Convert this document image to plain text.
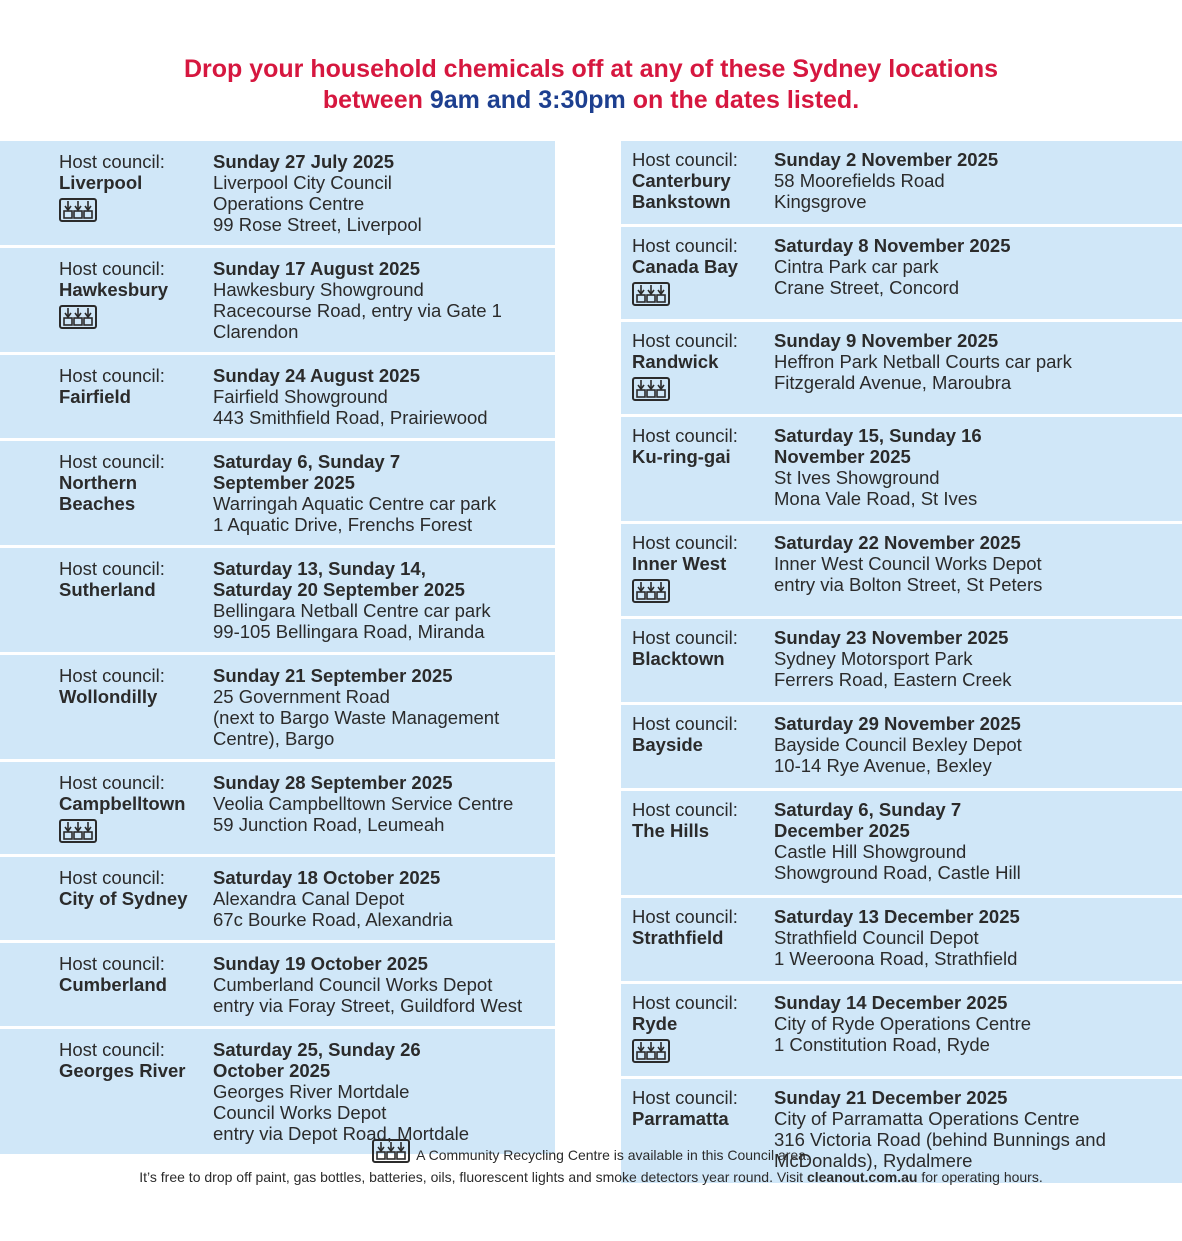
Drop your household chemicals off at any of these Sydney locations
between 9am and 3:30pm on the dates listed.
Host council:
Liverpool
Sunday 27 July 2025
Liverpool City Council
Operations Centre
99 Rose Street, Liverpool
Host council:
Hawkesbury
Sunday 17 August 2025
Hawkesbury Showground
Racecourse Road, entry via Gate 1
Clarendon
Host council:
Fairfield
Sunday 24 August 2025
Fairfield Showground
443 Smithfield Road, Prairiewood
Host council:
Northern
Beaches
Saturday 6, Sunday 7
September 2025
Warringah Aquatic Centre car park
1 Aquatic Drive, Frenchs Forest
Host council:
Sutherland
Saturday 13, Sunday 14,
Saturday 20 September 2025
Bellingara Netball Centre car park
99-105 Bellingara Road, Miranda
Host council:
Wollondilly
Sunday 21 September 2025
25 Government Road
(next to Bargo Waste Management
Centre), Bargo
Host council:
Campbelltown
Sunday 28 September 2025
Veolia Campbelltown Service Centre
59 Junction Road, Leumeah
Host council:
City of Sydney
Saturday 18 October 2025
Alexandra Canal Depot
67c Bourke Road, Alexandria
Host council:
Cumberland
Sunday 19 October 2025
Cumberland Council Works Depot
entry via Foray Street, Guildford West
Host council:
Georges River
Saturday 25, Sunday 26
October 2025
Georges River Mortdale
Council Works Depot
entry via Depot Road, Mortdale
Host council:
Canterbury
Bankstown
Sunday 2 November 2025
58 Moorefields Road
Kingsgrove
Host council:
Canada Bay
Saturday 8 November 2025
Cintra Park car park
Crane Street, Concord
Host council:
Randwick
Sunday 9 November 2025
Heffron Park Netball Courts car park
Fitzgerald Avenue, Maroubra
Host council:
Ku-ring-gai
Saturday 15, Sunday 16
November 2025
St Ives Showground
Mona Vale Road, St Ives
Host council:
Inner West
Saturday 22 November 2025
Inner West Council Works Depot
entry via Bolton Street, St Peters
Host council:
Blacktown
Sunday 23 November 2025
Sydney Motorsport Park
Ferrers Road, Eastern Creek
Host council:
Bayside
Saturday 29 November 2025
Bayside Council Bexley Depot
10-14 Rye Avenue, Bexley
Host council:
The Hills
Saturday 6, Sunday 7
December 2025
Castle Hill Showground
Showground Road, Castle Hill
Host council:
Strathfield
Saturday 13 December 2025
Strathfield Council Depot
1 Weeroona Road, Strathfield
Host council:
Ryde
Sunday 14 December 2025
City of Ryde Operations Centre
1 Constitution Road, Ryde
Host council:
Parramatta
Sunday 21 December 2025
City of Parramatta Operations Centre
316 Victoria Road (behind Bunnings and
McDonalds), Rydalmere
A Community Recycling Centre is available in this Council area.
It’s free to drop off paint, gas bottles, batteries, oils, fluorescent lights and smoke detectors year round. Visit cleanout.com.au for operating hours.
